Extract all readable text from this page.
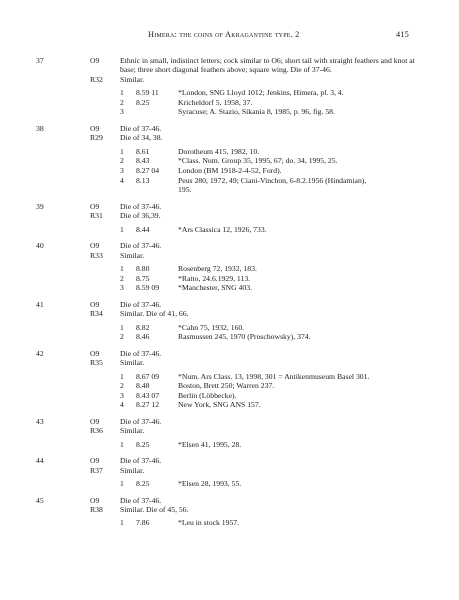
Himera: the coins of Akragantine type. 2	415
37	O9	Ethnic in small, indistinct letters; cock similar to O6; short tail with straight feathers and knot at base; three short diagonal feathers above; square wing. Die of 37-46.
R32 Similar.
1 8.59 11 *London, SNG Lloyd 1012; Jenkins, Himera, pl. 3, 4.
2 8.25	Kricheldorf 5, 1958, 37.
3	Syracuse; A. Stazio, Sikania 8, 1985, p. 96, fig. 58.
38	O9	Die of 37-46.
R29 Die of 34, 38.
1 8.61	Dorotheum 415, 1982, 10.
2 8.43	*Class. Num. Group 35, 1995, 67; do. 34, 1995, 25.
3 8.27 04 London (BM 1918-2-4-52, Ford).
4 8.13	Peus 280, 1972, 49; Ciani-Vinchon, 6-8.2.1956 (Hindamian),
195.
39	O9	Die of 37-46.
R31 Die of 36,39.
1 8.44	*Ars Classica 12, 1926, 733.
40	O9	Die of 37-46.
R33 Similar.
1 8.80	Rosenberg 72, 1932, 183.
2 8.75	*Ratto, 24.6.1929, 113.
3 8.59 09 *Manchester, SNG 403.
41	O9	Die of 37-46.
R34 Similar. Die of 41, 66.
1 8.82	*Cahn 75, 1932, 160.
2 8.46	Rasmussen 245, 1970 (Proschowsky), 374.
42	O9	Die of 37-46.
R35 Similar.
1 8.67 09 *Num. Ars Class. 13, 1998, 301 = Antikenmuseum Basel 301.
2 8.48	Boston, Brett 250; Warren 237.
3 8.43 07 Berlin (Löbbecke).
4 8.27 12 New York, SNG ANS 157.
43	O9	Die of 37-46.
R36 Similar.
1 8.25	*Elsen 41, 1995, 28.
44	O9	Die of 37-46.
R37 Similar.
1 8.25	*Elsen 28, 1993, 55.
45	O9	Die of 37-46.
R38 Similar. Die of 45, 56.
1 7.86	*Leu in stock 1957.
